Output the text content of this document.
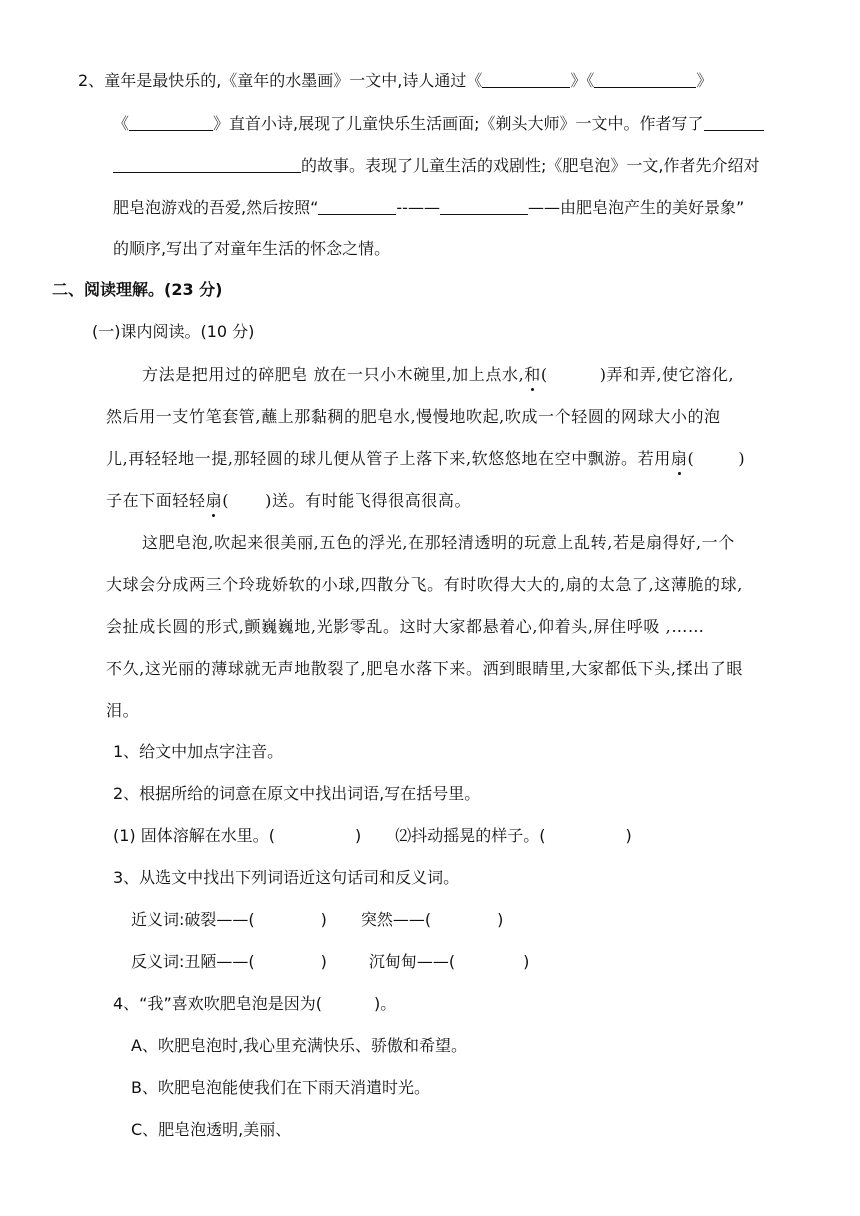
2、童年是最快乐的,《童年的水墨画》一文中,诗人通过《	》《	》
《	》直首小诗,展现了儿童快乐生活画面;《剃头大师》一文中。作者写了
的故事。表现了儿童生活的戏剧性;《肥皂泡》一文,作者先介绍对
肥皂泡游戏的吾爱,然后按照“	--——	——由肥皂泡产生的美好景象”
的顺序,写出了对童年生活的怀念之情。
二、阅读理解。(23 分)
(一)课内阅读。(10 分)
方法是把用过的碎肥皂 放在一只小木碗里,加上点水,和(	)弄和弄,使它溶化,
然后用一支竹笔套管,蘸上那黏稠的肥皂水,慢慢地吹起,吹成一个轻圆的网球大小的泡
儿,再轻轻地一提,那轻圆的球儿便从管子上落下来,软悠悠地在空中飘游。若用扇(	)
子在下面轻轻扇( )送。有时能飞得很高很高。
这肥皂泡,吹起来很美丽,五色的浮光,在那轻清透明的玩意上乱转,若是扇得好,一个
大球会分成两三个玲珑娇软的小球,四散分飞。有时吹得大大的,扇的太急了,这薄脆的球,
会扯成长圆的形式,颤巍巍地,光影零乱。这时大家都悬着心,仰着头,屏住呼吸 ,……
不久,这光丽的薄球就无声地散裂了,肥皂水落下来。洒到眼睛里,大家都低下头,揉出了眼
泪。
1、给文中加点字注音。
2、根据所给的词意在原文中找出词语,写在括号里。
(1) 固体溶解在水里。(	) ⑵抖动摇晃的样子。(	)
3、从选文中找出下列词语近这句话司和反义词。
近义词:破裂——(	) 突然——(	)
反义词:丑陋——(	)	沉甸甸——(	)
4、“我”喜欢吹肥皂泡是因为(	)。
A、吹肥皂泡时,我心里充满快乐、骄傲和希望。
B、吹肥皂泡能使我们在下雨天消遣时光。
C、肥皂泡透明,美丽、
